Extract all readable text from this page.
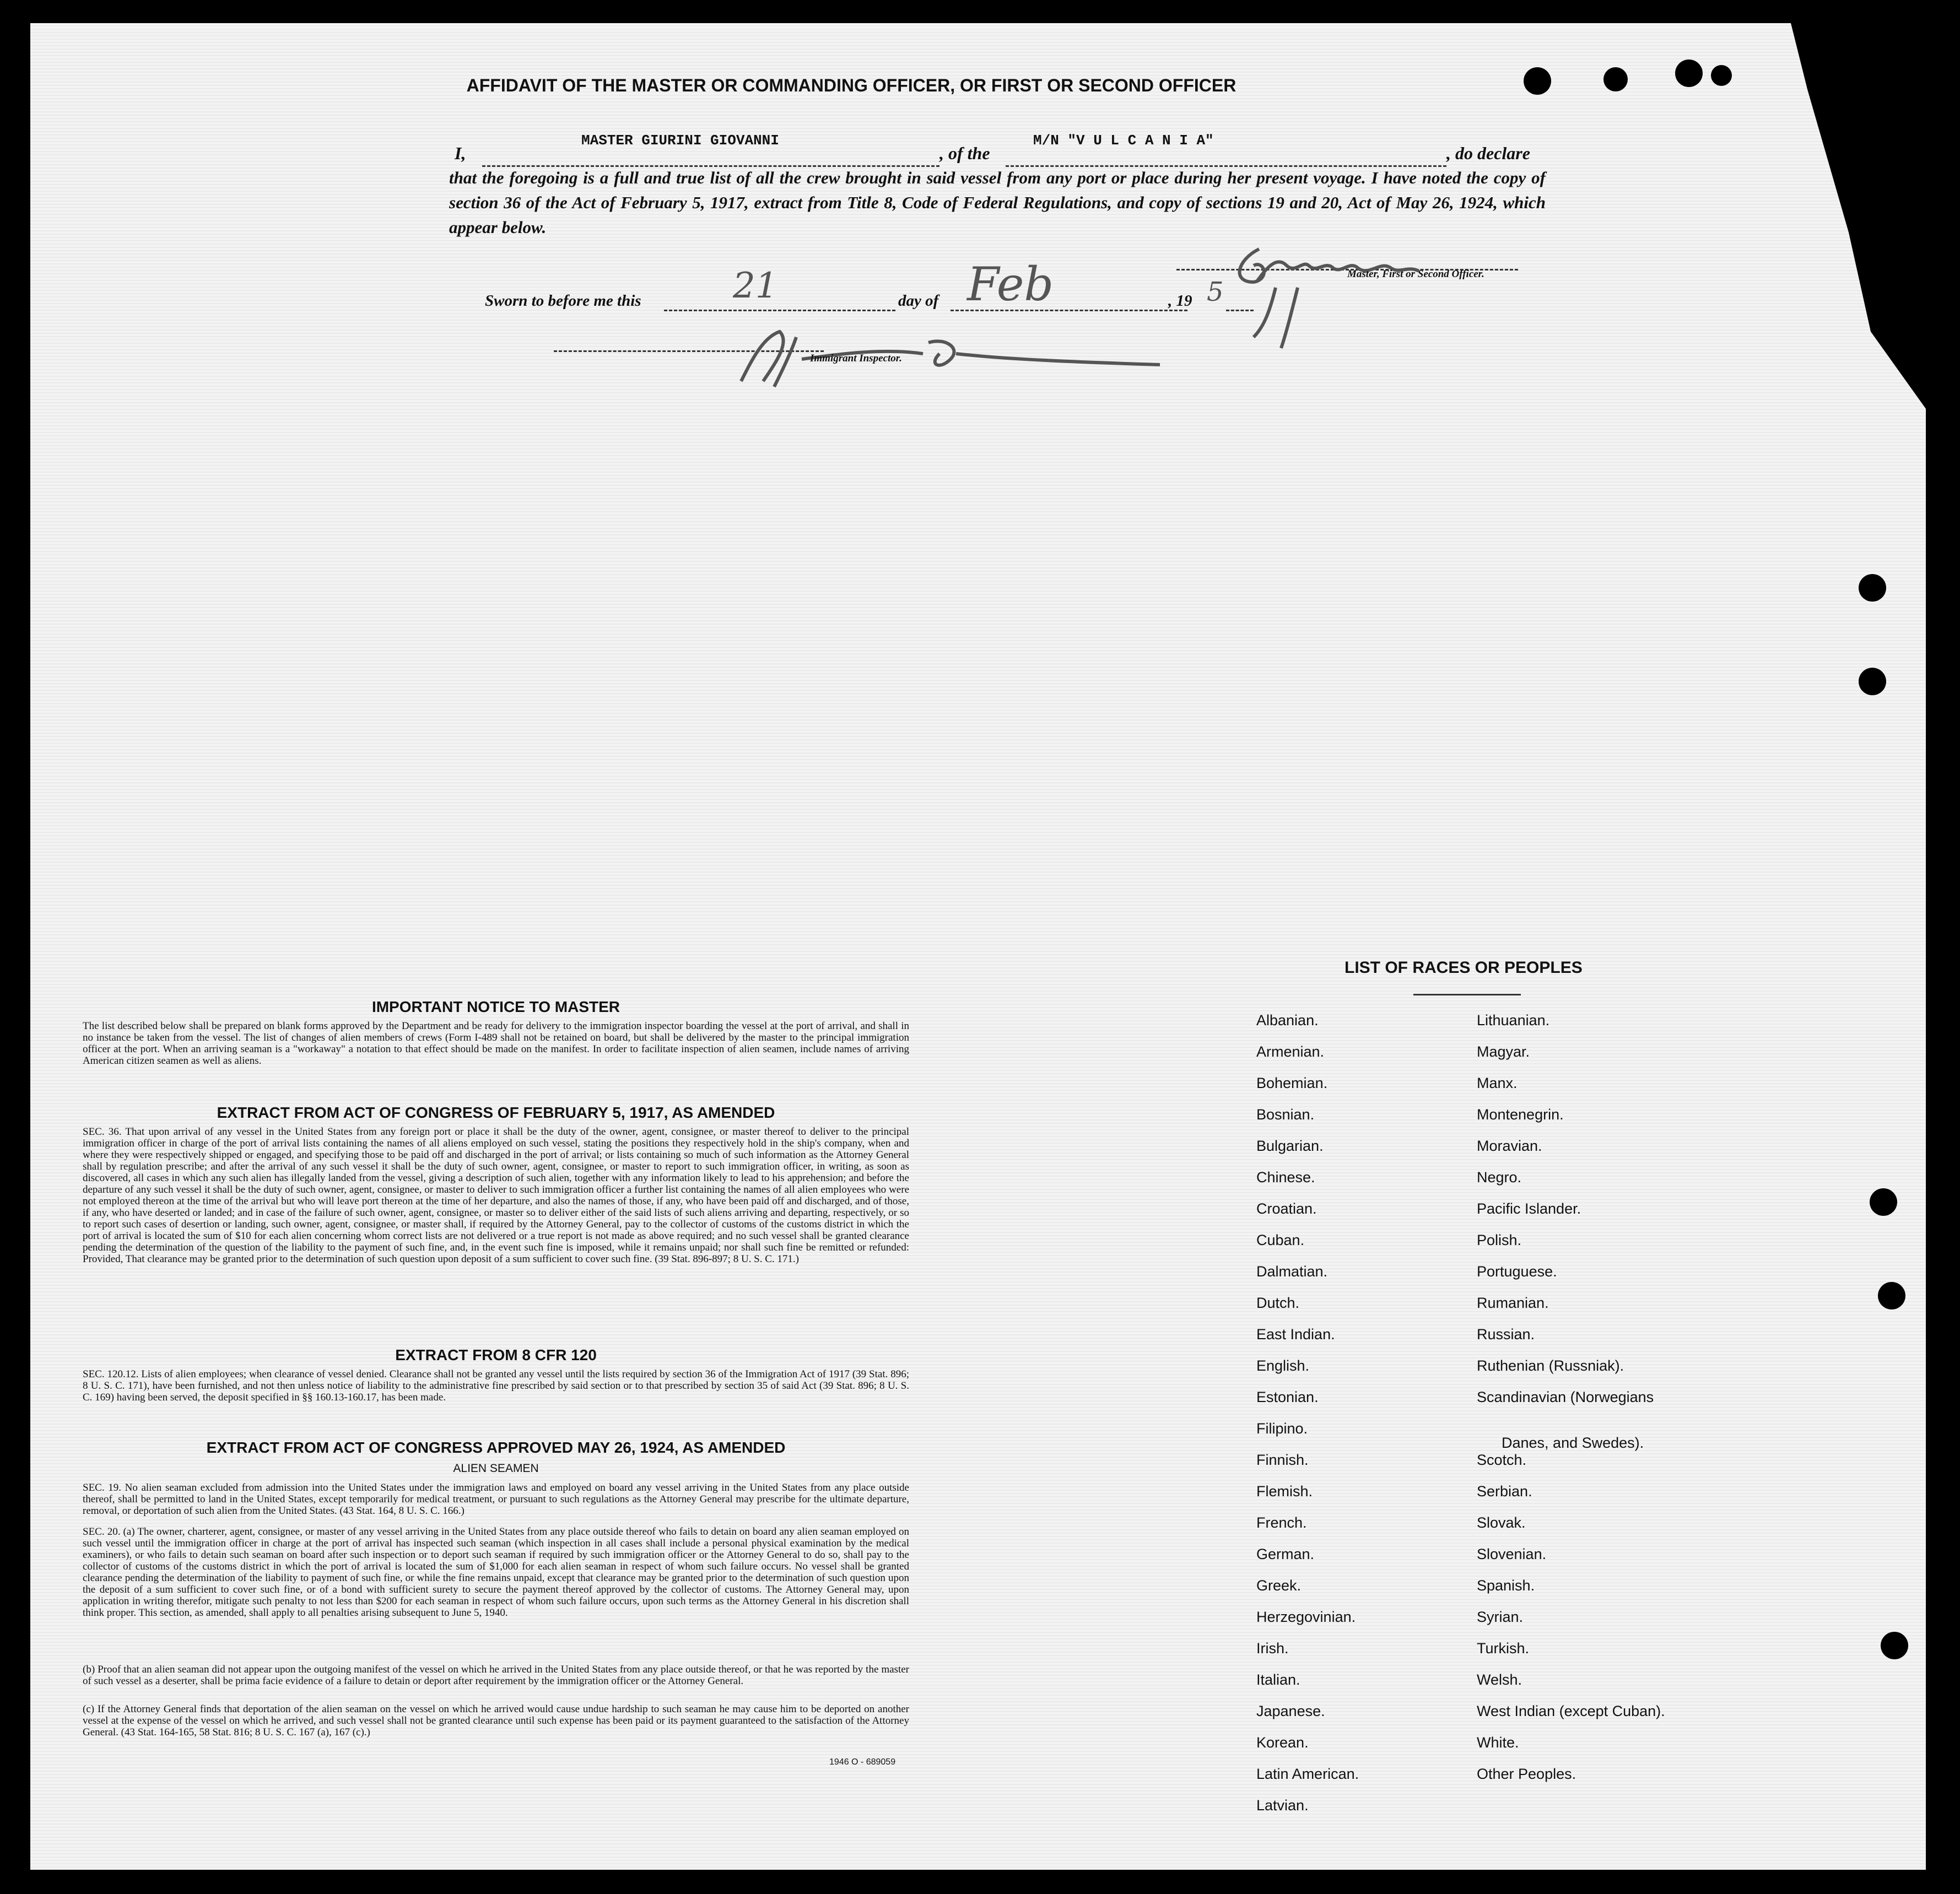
AFFIDAVIT OF THE MASTER OR COMMANDING OFFICER, OR FIRST OR SECOND OFFICER
I,
MASTER GIURINI GIOVANNI
, of the
M/N "V U L C A N I A"
, do declare
that the foregoing is a full and true list of all the crew brought in said vessel from any port or place during her present voyage. I have noted the copy of section 36 of the Act of February 5, 1917, extract from Title 8, Code of Federal Regulations, and copy of sections 19 and 20, Act of May 26, 1924, which appear below.
Sworn to before me this	21	day of Feb	, 19 5
Master, First or Second Officer.
Immigrant Inspector.
IMPORTANT NOTICE TO MASTER
The list described below shall be prepared on blank forms approved by the Department and be ready for delivery to the immigration inspector boarding the vessel at the port of arrival, and shall in no instance be taken from the vessel. The list of changes of alien members of crews (Form I-489 shall not be retained on board, but shall be delivered by the master to the principal immigration officer at the port. When an arriving seaman is a "workaway" a notation to that effect should be made on the manifest. In order to facilitate inspection of alien seamen, include names of arriving American citizen seamen as well as aliens.
EXTRACT FROM ACT OF CONGRESS OF FEBRUARY 5, 1917, AS AMENDED
SEC. 36. That upon arrival of any vessel in the United States from any foreign port or place it shall be the duty of the owner, agent, consignee, or master thereof to deliver to the principal immigration officer in charge of the port of arrival lists containing the names of all aliens employed on such vessel, stating the positions they respectively hold in the ship's company, when and where they were respectively shipped or engaged, and specifying those to be paid off and discharged in the port of arrival; or lists containing so much of such information as the Attorney General shall by regulation prescribe; and after the arrival of any such vessel it shall be the duty of such owner, agent, consignee, or master to report to such immigration officer, in writing, as soon as discovered, all cases in which any such alien has illegally landed from the vessel, giving a description of such alien, together with any information likely to lead to his apprehension; and before the departure of any such vessel it shall be the duty of such owner, agent, consignee, or master to deliver to such immigration officer a further list containing the names of all alien employees who were not employed thereon at the time of the arrival but who will leave port thereon at the time of her departure, and also the names of those, if any, who have been paid off and discharged, and of those, if any, who have deserted or landed; and in case of the failure of such owner, agent, consignee, or master so to deliver either of the said lists of such aliens arriving and departing, respectively, or so to report such cases of desertion or landing, such owner, agent, consignee, or master shall, if required by the Attorney General, pay to the collector of customs of the customs district in which the port of arrival is located the sum of $10 for each alien concerning whom correct lists are not delivered or a true report is not made as above required; and no such vessel shall be granted clearance pending the determination of the question of the liability to the payment of such fine, and, in the event such fine is imposed, while it remains unpaid; nor shall such fine be remitted or refunded: Provided, That clearance may be granted prior to the determination of such question upon deposit of a sum sufficient to cover such fine. (39 Stat. 896-897; 8 U. S. C. 171.)
EXTRACT FROM 8 CFR 120
SEC. 120.12. Lists of alien employees; when clearance of vessel denied. Clearance shall not be granted any vessel until the lists required by section 36 of the Immigration Act of 1917 (39 Stat. 896; 8 U. S. C. 171), have been furnished, and not then unless notice of liability to the administrative fine prescribed by said section or to that prescribed by section 35 of said Act (39 Stat. 896; 8 U. S. C. 169) having been served, the deposit specified in §§ 160.13-160.17, has been made.
EXTRACT FROM ACT OF CONGRESS APPROVED MAY 26, 1924, AS AMENDED
ALIEN SEAMEN
SEC. 19. No alien seaman excluded from admission into the United States under the immigration laws and employed on board any vessel arriving in the United States from any place outside thereof, shall be permitted to land in the United States, except temporarily for medical treatment, or pursuant to such regulations as the Attorney General may prescribe for the ultimate departure, removal, or deportation of such alien from the United States. (43 Stat. 164, 8 U. S. C. 166.)
SEC. 20. (a) The owner, charterer, agent, consignee, or master of any vessel arriving in the United States from any place outside thereof who fails to detain on board any alien seaman employed on such vessel until the immigration officer in charge at the port of arrival has inspected such seaman (which inspection in all cases shall include a personal physical examination by the medical examiners), or who fails to detain such seaman on board after such inspection or to deport such seaman if required by such immigration officer or the Attorney General to do so, shall pay to the collector of customs of the customs district in which the port of arrival is located the sum of $1,000 for each alien seaman in respect of whom such failure occurs. No vessel shall be granted clearance pending the determination of the liability to payment of such fine, or while the fine remains unpaid, except that clearance may be granted prior to the determination of such question upon the deposit of a sum sufficient to cover such fine, or of a bond with sufficient surety to secure the payment thereof approved by the collector of customs. The Attorney General may, upon application in writing therefor, mitigate such penalty to not less than $200 for each seaman in respect of whom such failure occurs, upon such terms as the Attorney General in his discretion shall think proper. This section, as amended, shall apply to all penalties arising subsequent to June 5, 1940.
(b) Proof that an alien seaman did not appear upon the outgoing manifest of the vessel on which he arrived in the United States from any place outside thereof, or that he was reported by the master of such vessel as a deserter, shall be prima facie evidence of a failure to detain or deport after requirement by the immigration officer or the Attorney General.
(c) If the Attorney General finds that deportation of the alien seaman on the vessel on which he arrived would cause undue hardship to such seaman he may cause him to be deported on another vessel at the expense of the vessel on which he arrived, and such vessel shall not be granted clearance until such expense has been paid or its payment guaranteed to the satisfaction of the Attorney General. (43 Stat. 164-165, 58 Stat. 816; 8 U. S. C. 167 (a), 167 (c).)
1946 O - 689059
LIST OF RACES OR PEOPLES
Albanian.
Armenian.
Bohemian.
Bosnian.
Bulgarian.
Chinese.
Croatian.
Cuban.
Dalmatian.
Dutch.
East Indian.
English.
Estonian.
Filipino.
Finnish.
Flemish.
French.
German.
Greek.
Herzegovinian.
Irish.
Italian.
Japanese.
Korean.
Latin American.
Latvian.
Lithuanian.
Magyar.
Manx.
Montenegrin.
Moravian.
Negro.
Pacific Islander.
Polish.
Portuguese.
Rumanian.
Russian.
Ruthenian (Russniak).
Scandinavian (Norwegians
Danes, and Swedes).
Scotch.
Serbian.
Slovak.
Slovenian.
Spanish.
Syrian.
Turkish.
Welsh.
West Indian (except Cuban).
White.
Other Peoples.
